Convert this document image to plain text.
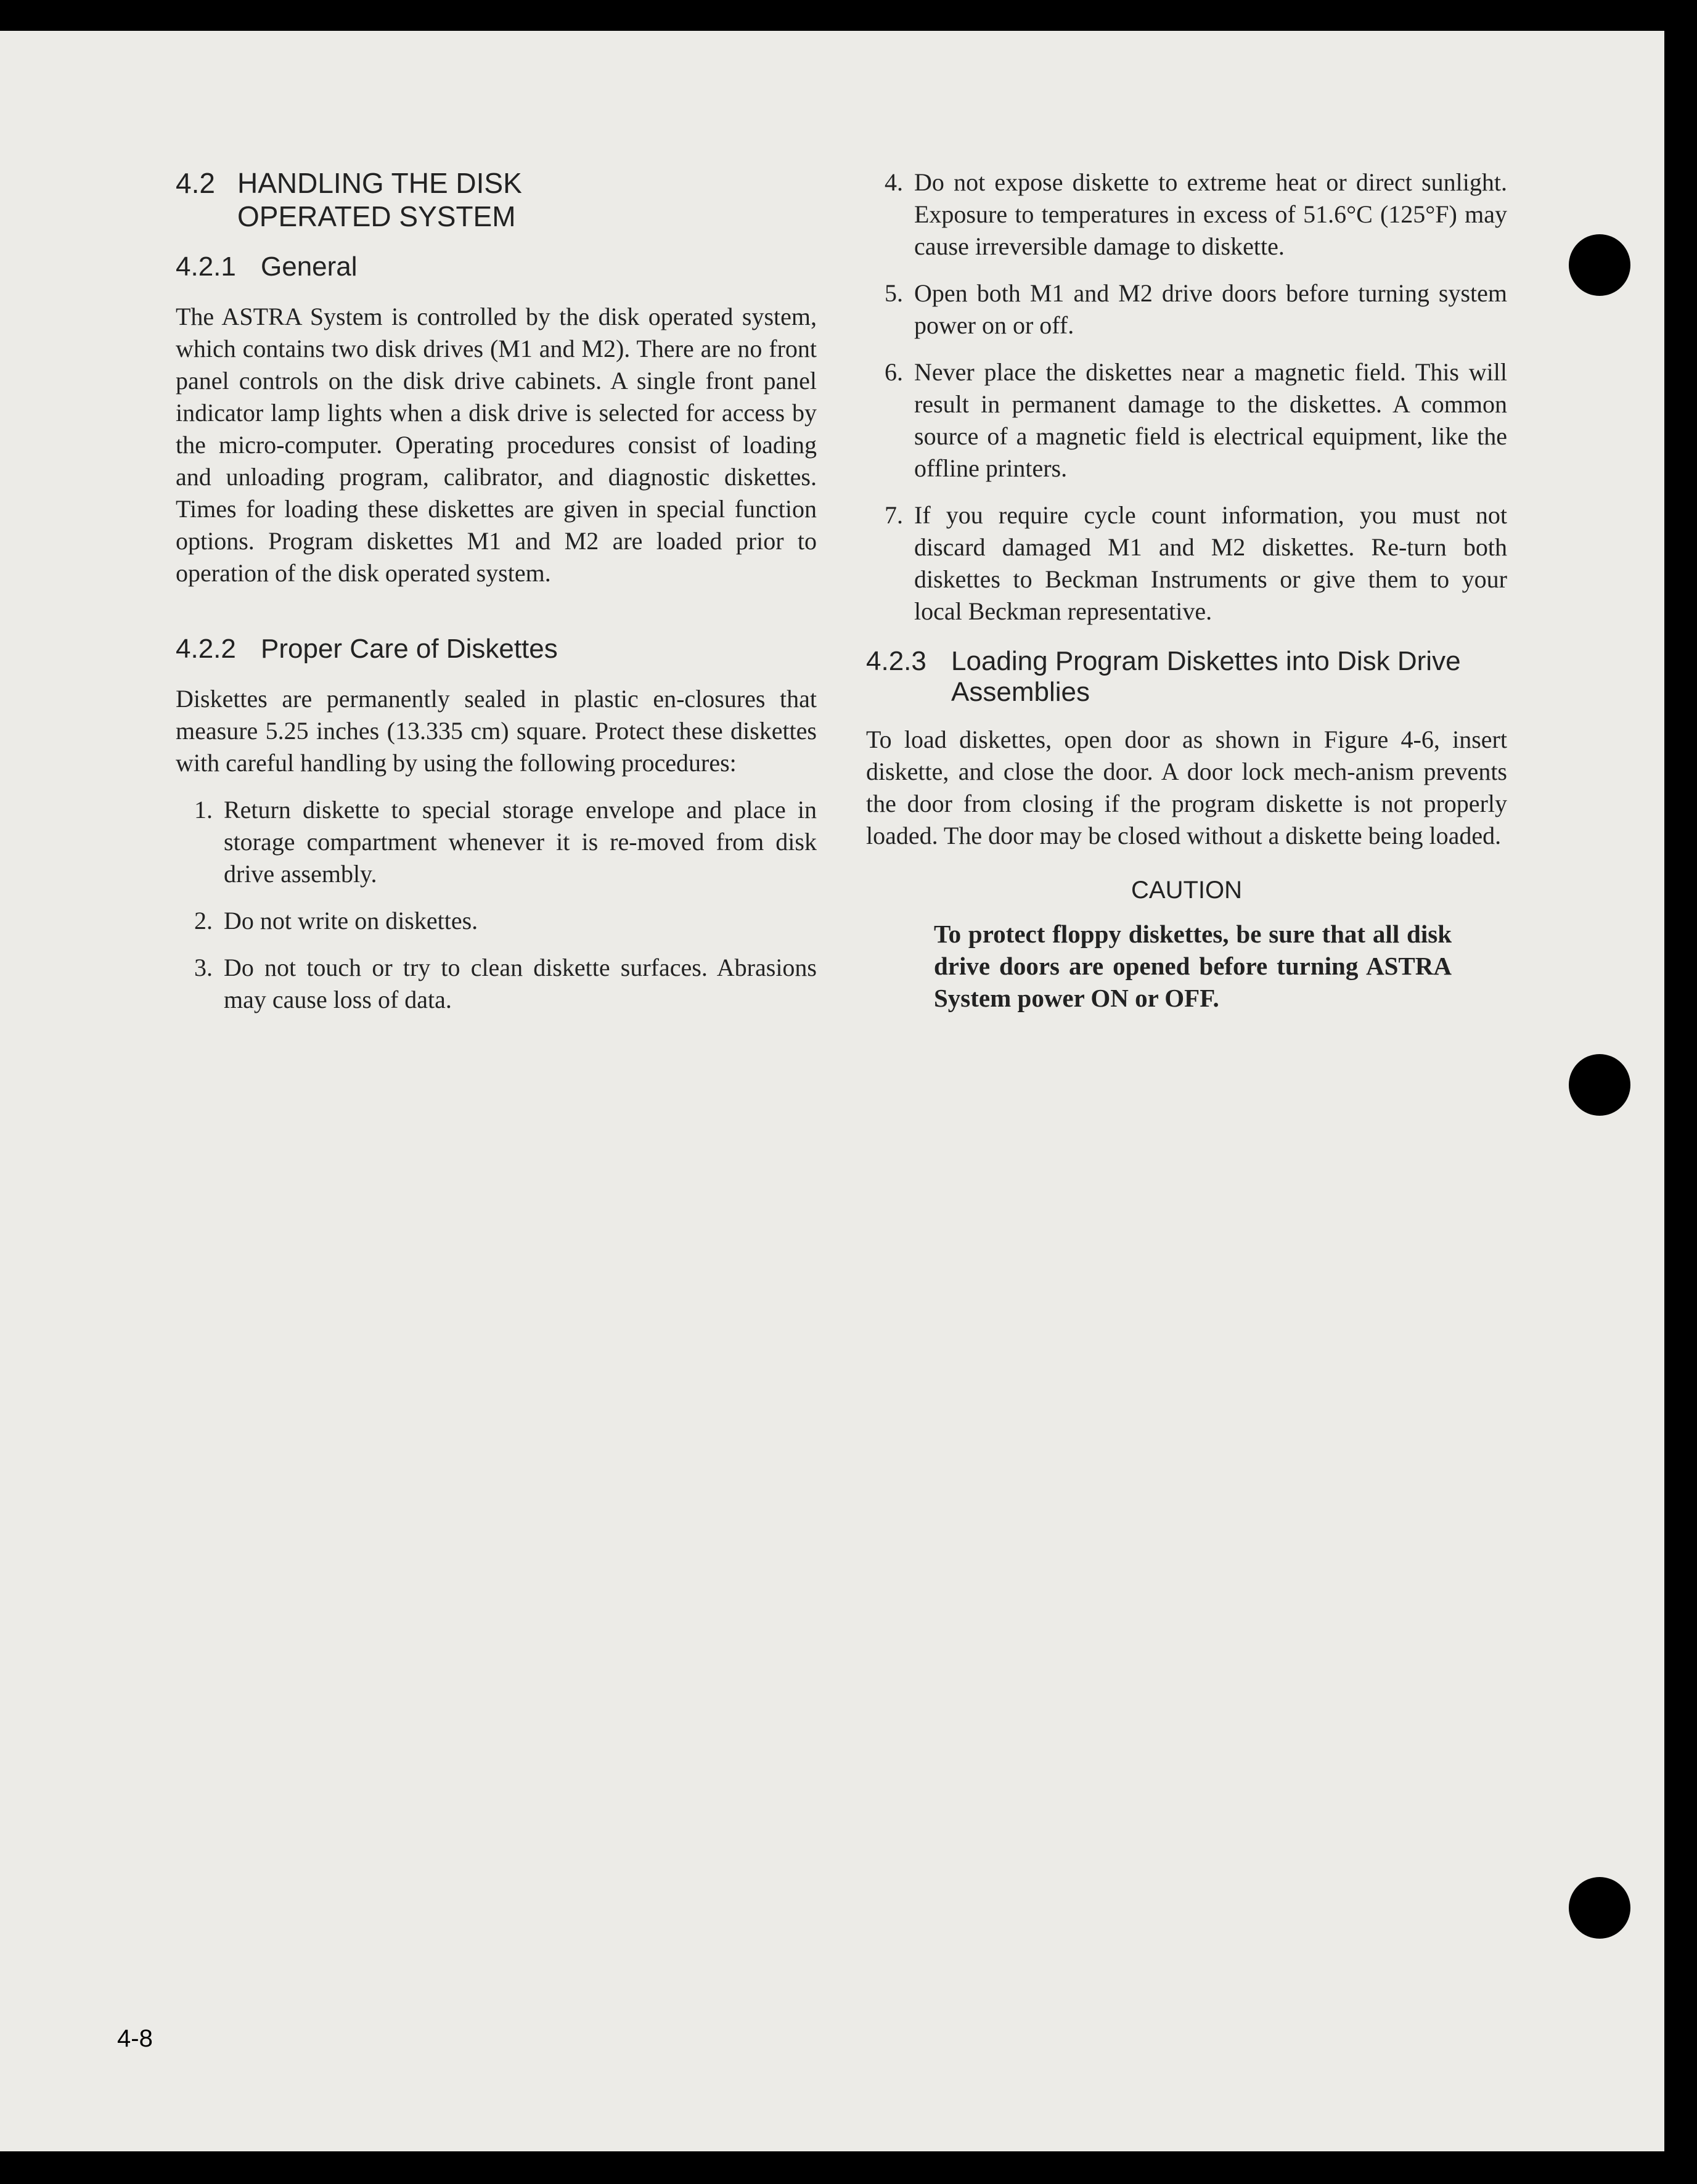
4.2 HANDLING THE DISK
OPERATED SYSTEM
4.2.1 General

The ASTRA System is controlled by the disk operated system, which contains two disk drives (M1 and M2). There are no front panel controls on the disk drive cabinets. A single front panel indicator lamp lights when a disk drive is selected for access by the micro-computer. Operating procedures consist of loading and unloading program, calibrator, and diagnostic diskettes. Times for loading these diskettes are given in special function options. Program diskettes M1 and M2 are loaded prior to operation of the disk operated system.

4.2.2 Proper Care of Diskettes

Diskettes are permanently sealed in plastic en-closures that measure 5.25 inches (13.335 cm) square. Protect these diskettes with careful handling by using the following procedures:

1. Return diskette to special storage envelope and place in storage compartment whenever it is re-moved from disk drive assembly.
2. Do not write on diskettes.
3. Do not touch or try to clean diskette surfaces. Abrasions may cause loss of data.
4. Do not expose diskette to extreme heat or direct sunlight. Exposure to temperatures in excess of 51.6°C (125°F) may cause irreversible damage to diskette.
5. Open both M1 and M2 drive doors before turning system power on or off.
6. Never place the diskettes near a magnetic field. This will result in permanent damage to the diskettes. A common source of a magnetic field is electrical equipment, like the offline printers.
7. If you require cycle count information, you must not discard damaged M1 and M2 diskettes. Re-turn both diskettes to Beckman Instruments or give them to your local Beckman representative.
4.2.3 Loading Program Diskettes into Disk Drive
Assemblies

To load diskettes, open door as shown in Figure 4-6, insert diskette, and close the door. A door lock mech-anism prevents the door from closing if the program diskette is not properly loaded. The door may be closed without a diskette being loaded.

CAUTION

To protect floppy diskettes, be sure that all disk drive doors are opened before turning ASTRA System power ON or OFF.

4-8
